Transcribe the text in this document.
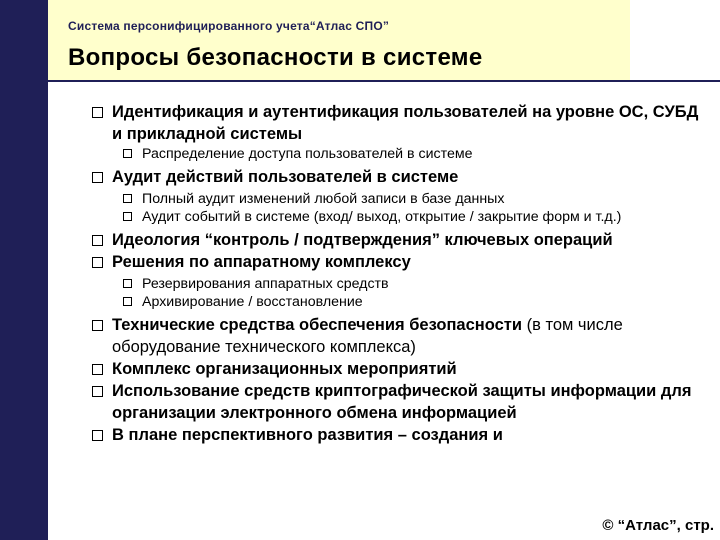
Система персонифицированного учета“Атлас СПО”
Вопросы безопасности в системе
Идентификация и аутентификация пользователей на уровне ОС, СУБД и прикладной системы
Распределение доступа пользователей в системе
Аудит действий пользователей в системе
Полный аудит изменений любой записи в базе данных
Аудит событий в системе (вход/ выход, открытие / закрытие форм и т.д.)
Идеология “контроль / подтверждения” ключевых операций
Решения по аппаратному комплексу
Резервирования аппаратных средств
Архивирование / восстановление
Технические средства обеспечения безопасности (в том числе оборудование технического комплекса)
Комплекс организационных мероприятий
Использование средств криптографической защиты информации для организации электронного обмена информацией
В плане перспективного развития – создания и
© “Атлас”, стр.
